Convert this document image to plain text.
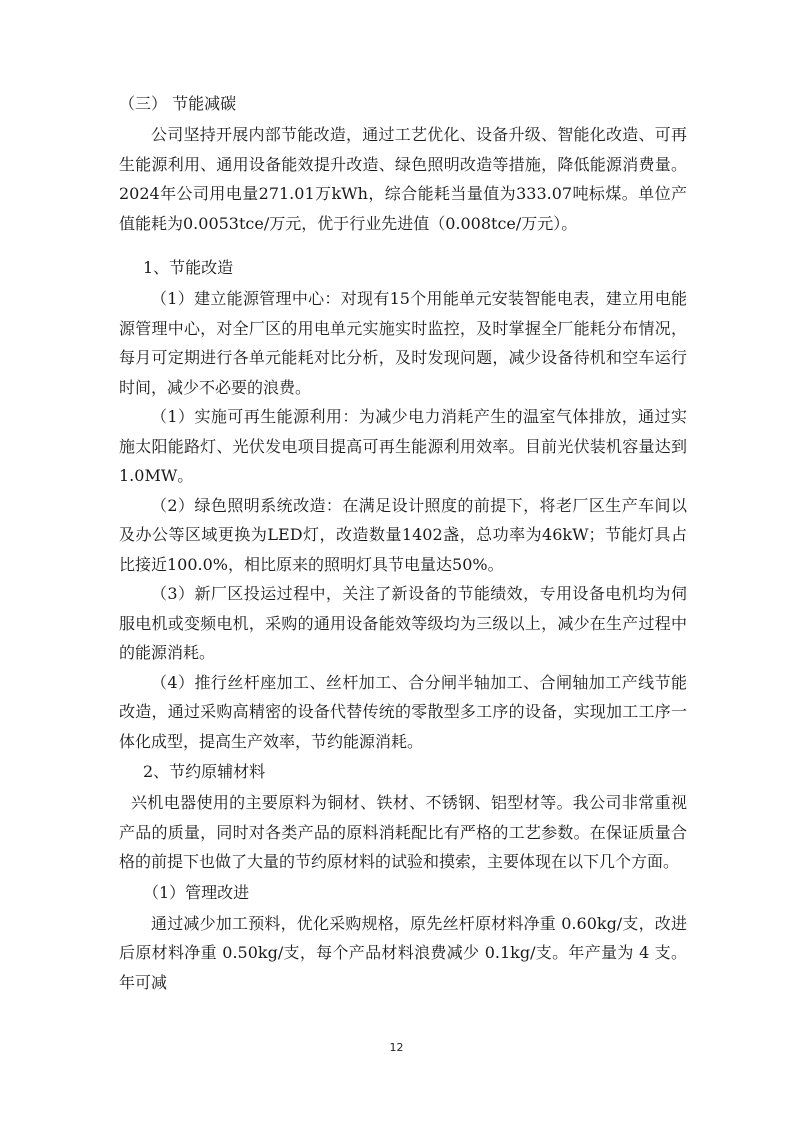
（三） 节能减碳

公司坚持开展内部节能改造，通过工艺优化、设备升级、智能化改造、可再生能源利用、通用设备能效提升改造、绿色照明改造等措施，降低能源消费量。2024年公司用电量271.01万kWh，综合能耗当量值为333.07吨标煤。单位产值能耗为0.0053tce/万元，优于行业先进值（0.008tce/万元）。

1、节能改造

（1）建立能源管理中心：对现有15个用能单元安装智能电表，建立用电能源管理中心，对全厂区的用电单元实施实时监控，及时掌握全厂能耗分布情况，每月可定期进行各单元能耗对比分析，及时发现问题，减少设备待机和空车运行时间，减少不必要的浪费。

（1）实施可再生能源利用：为减少电力消耗产生的温室气体排放，通过实施太阳能路灯、光伏发电项目提高可再生能源利用效率。目前光伏装机容量达到1.0MW。

（2）绿色照明系统改造：在满足设计照度的前提下，将老厂区生产车间以及办公等区域更换为LED灯，改造数量1402盏，总功率为46kW；节能灯具占比接近100.0%，相比原来的照明灯具节电量达50%。

（3）新厂区投运过程中，关注了新设备的节能绩效，专用设备电机均为伺服电机或变频电机，采购的通用设备能效等级均为三级以上，减少在生产过程中的能源消耗。

（4）推行丝杆座加工、丝杆加工、合分闸半轴加工、合闸轴加工产线节能改造，通过采购高精密的设备代替传统的零散型多工序的设备，实现加工工序一体化成型，提高生产效率，节约能源消耗。

2、节约原辅材料

兴机电器使用的主要原料为铜材、铁材、不锈钢、铝型材等。我公司非常重视产品的质量，同时对各类产品的原料消耗配比有严格的工艺参数。在保证质量合格的前提下也做了大量的节约原材料的试验和摸索，主要体现在以下几个方面。

（1）管理改进

通过减少加工预料，优化采购规格，原先丝杆原材料净重 0.60kg/支，改进后原材料净重 0.50kg/支，每个产品材料浪费减少 0.1kg/支。年产量为 4 支。年可减

12
